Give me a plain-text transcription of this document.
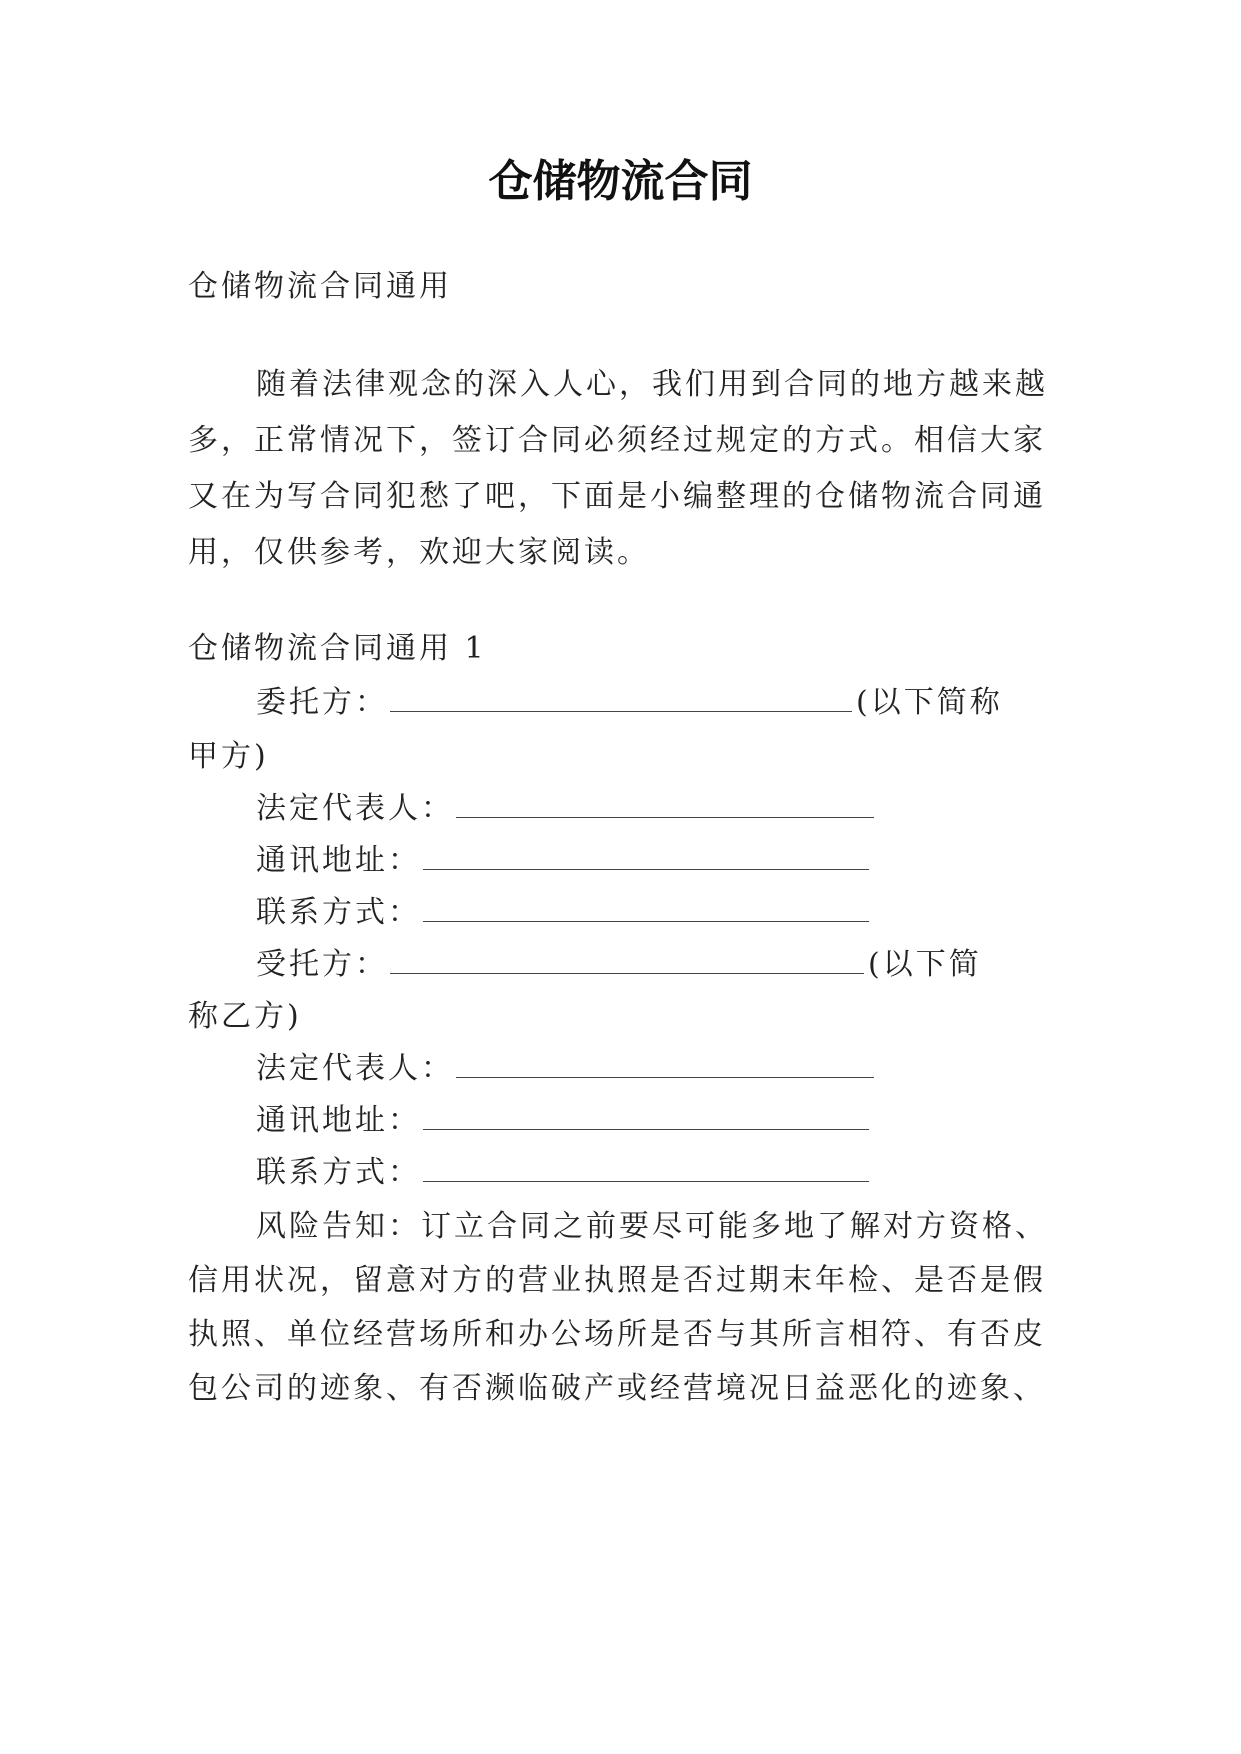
仓储物流合同
仓储物流合同通用
随着法律观念的深入人心，我们用到合同的地方越来越
多，正常情况下，签订合同必须经过规定的方式。相信大家
又在为写合同犯愁了吧，下面是小编整理的仓储物流合同通
用，仅供参考，欢迎大家阅读。
仓储物流合同通用 1
委托方：	(以下简称
甲方)
法定代表人：
通讯地址：
联系方式：
受托方：	(以下简
称乙方)
法定代表人：
通讯地址：
联系方式：
风险告知：订立合同之前要尽可能多地了解对方资格、
信用状况，留意对方的营业执照是否过期末年检、是否是假
执照、单位经营场所和办公场所是否与其所言相符、有否皮
包公司的迹象、有否濒临破产或经营境况日益恶化的迹象、
